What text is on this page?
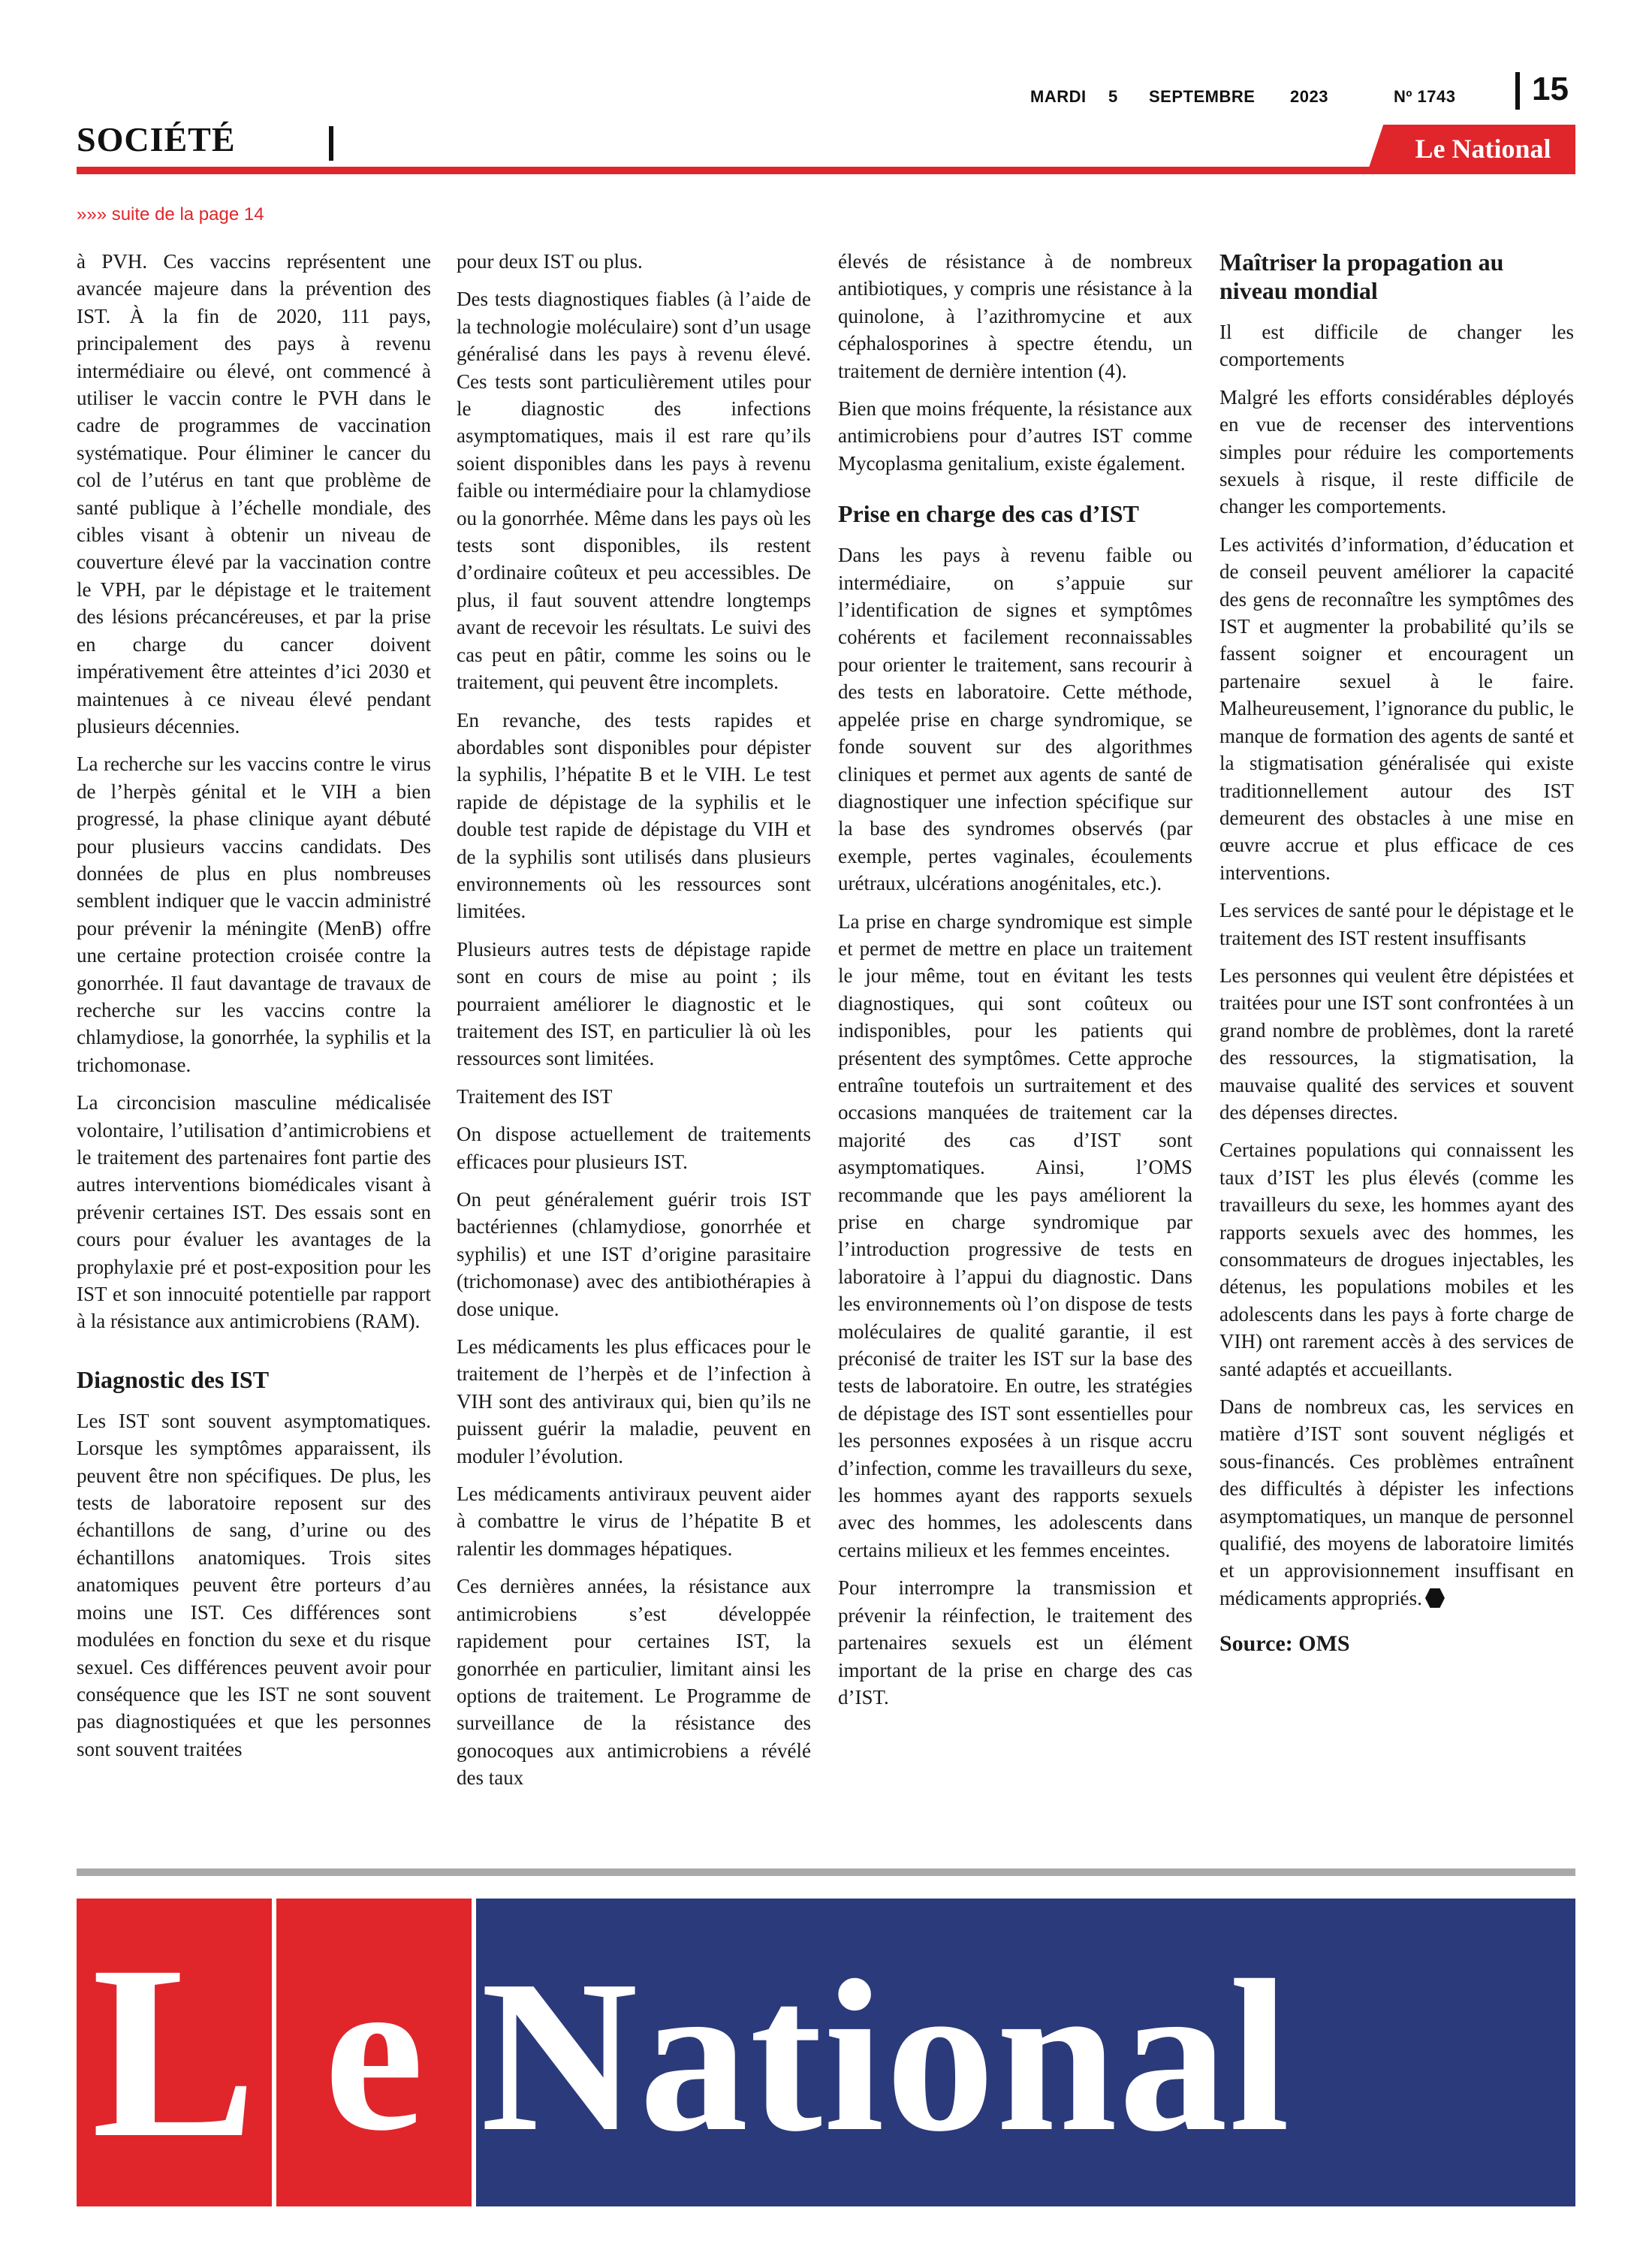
MARDI 5 SEPTEMBRE 2023	Nº 1743 15
SOCIÉTÉ	Le National
»»» suite de la page 14

à PVH. Ces vaccins représentent une avancée majeure dans la prévention des IST. À la fin de 2020, 111 pays, principalement des pays à revenu intermédiaire ou élevé, ont commencé à utiliser le vaccin contre le PVH dans le cadre de programmes de vaccination systématique. Pour éliminer le cancer du col de l’utérus en tant que problème de santé publique à l’échelle mondiale, des cibles visant à obtenir un niveau de couverture élevé par la vaccination contre le VPH, par le dépistage et le traitement des lésions précancéreuses, et par la prise en charge du cancer doivent impérativement être atteintes d’ici 2030 et maintenues à ce niveau élevé pendant plusieurs décennies.

La recherche sur les vaccins contre le virus de l’herpès génital et le VIH a bien progressé, la phase clinique ayant débuté pour plusieurs vaccins candidats. Des données de plus en plus nombreuses semblent indiquer que le vaccin administré pour prévenir la méningite (MenB) offre une certaine protection croisée contre la gonorrhée. Il faut davantage de travaux de recherche sur les vaccins contre la chlamydiose, la gonorrhée, la syphilis et la trichomonase.

La circoncision masculine médicalisée volontaire, l’utilisation d’antimicrobiens et le traitement des partenaires font partie des autres interventions biomédicales visant à prévenir certaines IST. Des essais sont en cours pour évaluer les avantages de la prophylaxie pré et post-exposition pour les IST et son innocuité potentielle par rapport à la résistance aux antimicrobiens (RAM).

Diagnostic des IST

Les IST sont souvent asymptomatiques. Lorsque les symptômes apparaissent, ils peuvent être non spécifiques. De plus, les tests de laboratoire reposent sur des échantillons de sang, d’urine ou des échantillons anatomiques. Trois sites anatomiques peuvent être porteurs d’au moins une IST. Ces différences sont modulées en fonction du sexe et du risque sexuel. Ces différences peuvent avoir pour conséquence que les IST ne sont souvent pas diagnostiquées et que les personnes sont souvent traitées

pour deux IST ou plus.

Des tests diagnostiques fiables (à l’aide de la technologie moléculaire) sont d’un usage généralisé dans les pays à revenu élevé. Ces tests sont particulièrement utiles pour le diagnostic des infections asymptomatiques, mais il est rare qu’ils soient disponibles dans les pays à revenu faible ou intermédiaire pour la chlamydiose ou la gonorrhée. Même dans les pays où les tests sont disponibles, ils restent d’ordinaire coûteux et peu accessibles. De plus, il faut souvent attendre longtemps avant de recevoir les résultats. Le suivi des cas peut en pâtir, comme les soins ou le traitement, qui peuvent être incomplets.

En revanche, des tests rapides et abordables sont disponibles pour dépister la syphilis, l’hépatite B et le VIH. Le test rapide de dépistage de la syphilis et le double test rapide de dépistage du VIH et de la syphilis sont utilisés dans plusieurs environnements où les ressources sont limitées.

Plusieurs autres tests de dépistage rapide sont en cours de mise au point ; ils pourraient améliorer le diagnostic et le traitement des IST, en particulier là où les ressources sont limitées.

Traitement des IST

On dispose actuellement de traitements efficaces pour plusieurs IST.

On peut généralement guérir trois IST bactériennes (chlamydiose, gonorrhée et syphilis) et une IST d’origine parasitaire (trichomonase) avec des antibiothérapies à dose unique.

Les médicaments les plus efficaces pour le traitement de l’herpès et de l’infection à VIH sont des antiviraux qui, bien qu’ils ne puissent guérir la maladie, peuvent en moduler l’évolution.

Les médicaments antiviraux peuvent aider à combattre le virus de l’hépatite B et ralentir les dommages hépatiques.

Ces dernières années, la résistance aux antimicrobiens s’est développée rapidement pour certaines IST, la gonorrhée en particulier, limitant ainsi les options de traitement. Le Programme de surveillance de la résistance des gonocoques aux antimicrobiens a révélé des taux

élevés de résistance à de nombreux antibiotiques, y compris une résistance à la quinolone, à l’azithromycine et aux céphalosporines à spectre étendu, un traitement de dernière intention (4).

Bien que moins fréquente, la résistance aux antimicrobiens pour d’autres IST comme Mycoplasma genitalium, existe également.

Prise en charge des cas d’IST

Dans les pays à revenu faible ou intermédiaire, on s’appuie sur l’identification de signes et symptômes cohérents et facilement reconnaissables pour orienter le traitement, sans recourir à des tests en laboratoire. Cette méthode, appelée prise en charge syndromique, se fonde souvent sur des algorithmes cliniques et permet aux agents de santé de diagnostiquer une infection spécifique sur la base des syndromes observés (par exemple, pertes vaginales, écoulements urétraux, ulcérations anogénitales, etc.).

La prise en charge syndromique est simple et permet de mettre en place un traitement le jour même, tout en évitant les tests diagnostiques, qui sont coûteux ou indisponibles, pour les patients qui présentent des symptômes. Cette approche entraîne toutefois un surtraitement et des occasions manquées de traitement car la majorité des cas d’IST sont asymptomatiques. Ainsi, l’OMS recommande que les pays améliorent la prise en charge syndromique par l’introduction progressive de tests en laboratoire à l’appui du diagnostic. Dans les environnements où l’on dispose de tests moléculaires de qualité garantie, il est préconisé de traiter les IST sur la base des tests de laboratoire. En outre, les stratégies de dépistage des IST sont essentielles pour les personnes exposées à un risque accru d’infection, comme les travailleurs du sexe, les hommes ayant des rapports sexuels avec des hommes, les adolescents dans certains milieux et les femmes enceintes.

Pour interrompre la transmission et prévenir la réinfection, le traitement des partenaires sexuels est un élément important de la prise en charge des cas d’IST.

Maîtriser la propagation au niveau mondial

Il est difficile de changer les comportements

Malgré les efforts considérables déployés en vue de recenser des interventions simples pour réduire les comportements sexuels à risque, il reste difficile de changer les comportements.

Les activités d’information, d’éducation et de conseil peuvent améliorer la capacité des gens de reconnaître les symptômes des IST et augmenter la probabilité qu’ils se fassent soigner et encouragent un partenaire sexuel à le faire. Malheureusement, l’ignorance du public, le manque de formation des agents de santé et la stigmatisation généralisée qui existe traditionnellement autour des IST demeurent des obstacles à une mise en œuvre accrue et plus efficace de ces interventions.

Les services de santé pour le dépistage et le traitement des IST restent insuffisants

Les personnes qui veulent être dépistées et traitées pour une IST sont confrontées à un grand nombre de problèmes, dont la rareté des ressources, la stigmatisation, la mauvaise qualité des services et souvent des dépenses directes.

Certaines populations qui connaissent les taux d’IST les plus élevés (comme les travailleurs du sexe, les hommes ayant des rapports sexuels avec des hommes, les consommateurs de drogues injectables, les détenus, les populations mobiles et les adolescents dans les pays à forte charge de VIH) ont rarement accès à des services de santé adaptés et accueillants.

Dans de nombreux cas, les services en matière d’IST sont souvent négligés et sous-financés. Ces problèmes entraînent des difficultés à dépister les infections asymptomatiques, un manque de personnel qualifié, des moyens de laboratoire limités et un approvisionnement insuffisant en médicaments appropriés.

Source: OMS
L e National
